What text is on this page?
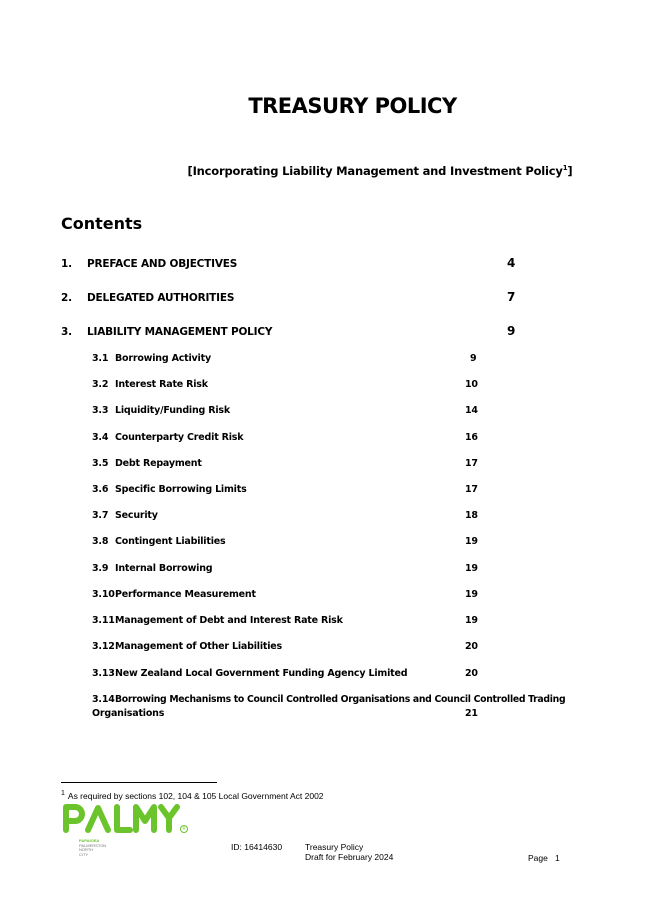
TREASURY POLICY
[Incorporating Liability Management and Investment Policy$^1$]
Contents
1. PREFACE AND OBJECTIVES	4
2. DELEGATED AUTHORITIES	7
3. LIABILITY MANAGEMENT POLICY	9
3.1 Borrowing Activity	9
3.2 Interest Rate Risk	10
3.3 Liquidity/Funding Risk	14
3.4 Counterparty Credit Risk	16
3.5 Debt Repayment	17
3.6 Specific Borrowing Limits	17
3.7 Security	18
3.8 Contingent Liabilities	19
3.9 Internal Borrowing	19
3.10 Performance Measurement	19
3.11 Management of Debt and Interest Rate Risk	19
3.12 Management of Other Liabilities	20
3.13 New Zealand Local Government Funding Agency Limited	20
3.14 Borrowing Mechanisms to Council Controlled Organisations and Council Controlled Trading
Organisations	21
$^1$ As required by sections 102, 104 & 105 Local Government Act 2002
®
PAPAIOEA
PALMERSTON
NORTH
CITY
ID: 16414630	Treasury Policy
Draft for February 2024	Page 1
